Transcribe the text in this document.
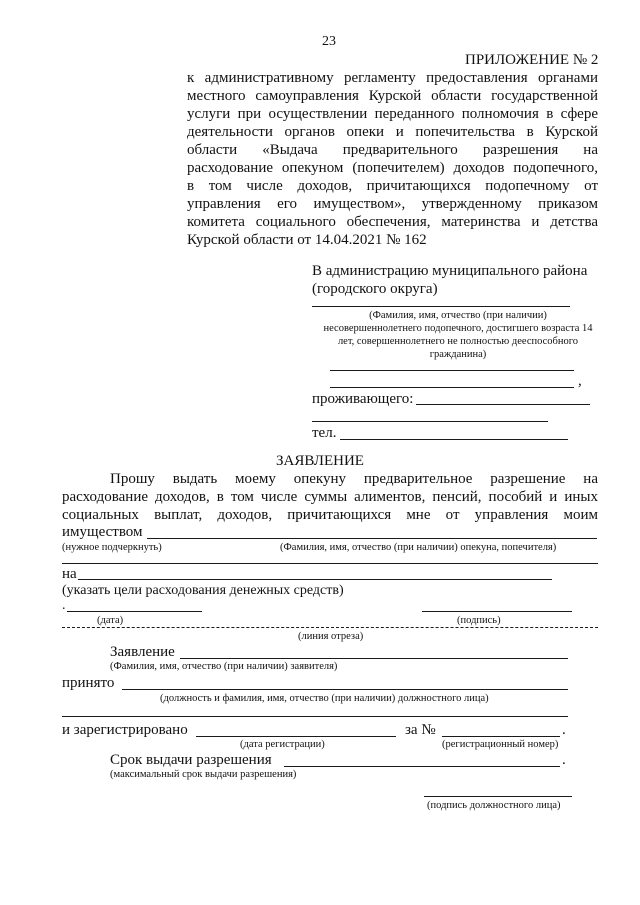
23
ПРИЛОЖЕНИЕ № 2
к административному регламенту предоставления органами
местного самоуправления Курской области государственной
услуги при осуществлении переданного полномочия в сфере
деятельности органов опеки и попечительства в Курской
области «Выдача предварительного разрешения на
расходование опекуном (попечителем) доходов подопечного,
в том числе доходов, причитающихся подопечному от
управления его имуществом», утвержденному приказом
комитета социального обеспечения, материнства и детства
Курской области от 14.04.2021 № 162
В администрацию муниципального района
(городского округа)
(Фамилия, имя, отчество (при наличии)
несовершеннолетнего подопечного, достигшего возраста 14
лет, совершеннолетнего не полностью дееспособного
гражданина)
,
проживающего:
тел.
ЗАЯВЛЕНИЕ
Прошу выдать моему опекуну предварительное разрешение на
расходование доходов, в том числе суммы алиментов, пенсий, пособий и иных
социальных выплат, доходов, причитающихся мне от управления моим
имуществом
(нужное подчеркнуть)	(Фамилия, имя, отчество (при наличии) опекуна, попечителя)
на
(указать цели расходования денежных средств)
.
(дата)	(подпись)
(линия отреза)
Заявление
(Фамилия, имя, отчество (при наличии) заявителя)
принято
(должность и фамилия, имя, отчество (при наличии) должностного лица)
и зарегистрировано	за №	.
(дата регистрации)	(регистрационный номер)
Срок выдачи разрешения	.
(максимальный срок выдачи разрешения)
(подпись должностного лица)
